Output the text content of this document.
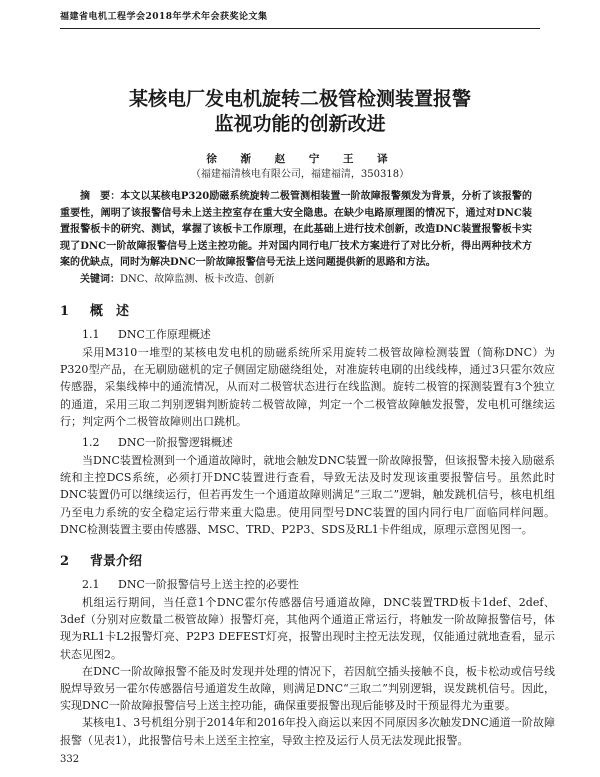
福建省电机工程学会2018年学术年会获奖论文集
某核电厂发电机旋转二极管检测装置报警
监视功能的创新改进
徐 渐 赵 宁 王 译
（福建福清核电有限公司，福建福清，350318）

摘　要：本文以某核电P320励磁系统旋转二极管测相装置一阶故障报警频发为背景，分析了该报警的重要性，阐明了该报警信号未上送主控室存在重大安全隐患。在缺少电路原理图的情况下，通过对DNC装置报警板卡的研究、测试，掌握了该板卡工作原理，在此基础上进行技术创新，改造DNC装置报警板卡实现了DNC一阶故障报警信号上送主控功能。并对国内同行电厂技术方案进行了对比分析，得出两种技术方案的优缺点，同时为解决DNC一阶故障报警信号无法上送问题提供新的思路和方法。

关键词：DNC、故障监测、板卡改造、创新

1 概　述
1.1 DNC工作原理概述

采用M310一堆型的某核电发电机的励磁系统所采用旋转二极管故障检测装置（简称DNC）为P320型产品，在无刷励磁机的定子侧固定励磁绕组处，对准旋转电刷的出线线棒，通过3只霍尔效应传感器，采集线棒中的通流情况，从而对二极管状态进行在线监测。旋转二极管的探测装置有3个独立的通道，采用三取二判别逻辑判断旋转二极管故障，判定一个二极管故障触发报警，发电机可继续运行；判定两个二极管故障则出口跳机。

1.2 DNC一阶报警逻辑概述

当DNC装置检测到一个通道故障时，就地会触发DNC装置一阶故障报警，但该报警未接入励磁系统和主控DCS系统，必须打开DNC装置进行查看，导致无法及时发现该重要报警信号。虽然此时DNC装置仍可以继续运行，但若再发生一个通道故障则满足“三取二”逻辑，触发跳机信号，核电机组乃至电力系统的安全稳定运行带来重大隐患。使用同型号DNC装置的国内同行电厂面临同样问题。DNC检测装置主要由传感器、MSC、TRD、P2P3、SDS及RL1卡件组成，原理示意图见图一。

2 背景介绍
2.1 DNC一阶报警信号上送主控的必要性

机组运行期间，当任意1个DNC霍尔传感器信号通道故障，DNC装置TRD板卡1def、2def、3def（分别对应数量二极管故障）报警灯亮，其他两个通道正常运行，将触发一阶故障报警信号，体现为RL1卡L2报警灯亮、P2P3 DEFEST灯亮，报警出现时主控无法发现，仅能通过就地查看，显示状态见图2。

在DNC一阶故障报警不能及时发现并处理的情况下，若因航空插头接触不良，板卡松动或信号线脱焊导致另一霍尔传感器信号通道发生故障，则满足DNC“三取二”判别逻辑，误发跳机信号。因此，实现DNC一阶故障报警信号上送主控功能，确保重要报警出现后能够及时干预显得尤为重要。

某核电1、3号机组分别于2014年和2016年投入商运以来因不同原因多次触发DNC通道一阶故障报警（见表1），此报警信号未上送至主控室，导致主控及运行人员无法发现此报警。

332
